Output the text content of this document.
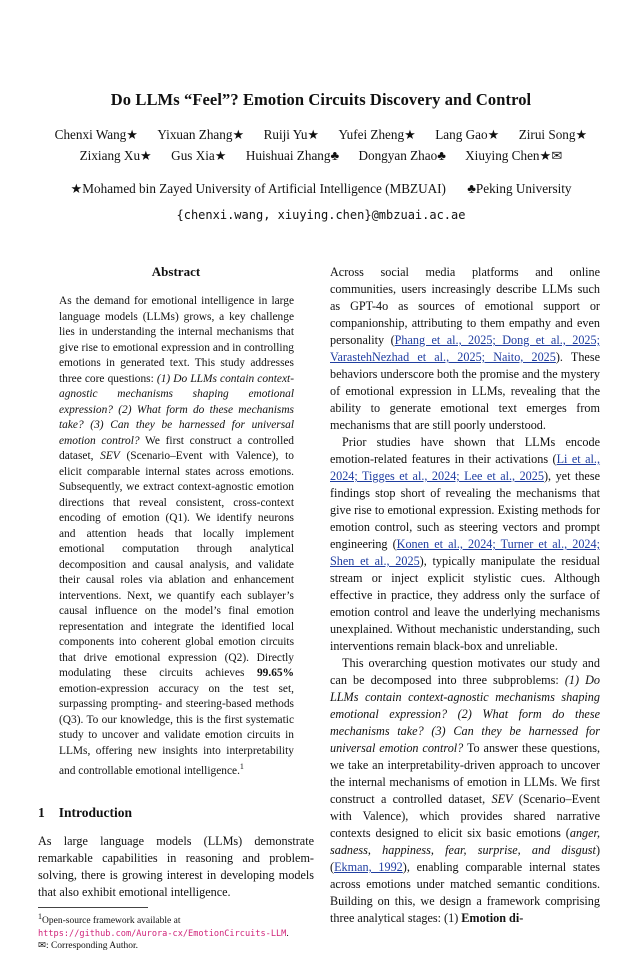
Do LLMs “Feel”? Emotion Circuits Discovery and Control
Chenxi Wang★ Yixuan Zhang★ Ruiji Yu★ Yufei Zheng★ Lang Gao★ Zirui Song★
Zixiang Xu★ Gus Xia★ Huishuai Zhang♣ Dongyan Zhao♣ Xiuying Chen★✉
★Mohamed bin Zayed University of Artificial Intelligence (MBZUAI) ♣Peking University
{chenxi.wang, xiuying.chen}@mbzuai.ac.ae
Abstract

As the demand for emotional intelligence in large language models (LLMs) grows, a key challenge lies in understanding the internal mechanisms that give rise to emotional expression and in controlling emotions in generated text. This study addresses three core questions: (1) Do LLMs contain context-agnostic mechanisms shaping emotional expression? (2) What form do these mechanisms take? (3) Can they be harnessed for universal emotion control? We first construct a controlled dataset, SEV (Scenario–Event with Valence), to elicit comparable internal states across emotions. Subsequently, we extract context-agnostic emotion directions that reveal consistent, cross-context encoding of emotion (Q1). We identify neurons and attention heads that locally implement emotional computation through analytical decomposition and causal analysis, and validate their causal roles via ablation and enhancement interventions. Next, we quantify each sublayer’s causal influence on the model’s final emotion representation and integrate the identified local components into coherent global emotion circuits that drive emotional expression (Q2). Directly modulating these circuits achieves 99.65% emotion-expression accuracy on the test set, surpassing prompting- and steering-based methods (Q3). To our knowledge, this is the first systematic study to uncover and validate emotion circuits in LLMs, offering new insights into interpretability and controllable emotional intelligence.$^1$

1 Introduction

As large language models (LLMs) demonstrate remarkable capabilities in reasoning and problem-solving, there is growing interest in developing models that also exhibit emotional intelligence.

$^1$Open-source framework available at https://github.com/Aurora-cx/EmotionCircuits-LLM.
✉: Corresponding Author.

Across social media platforms and online communities, users increasingly describe LLMs such as GPT-4o as sources of emotional support or companionship, attributing to them empathy and even personality (Phang et al., 2025; Dong et al., 2025; VarastehNezhad et al., 2025; Naito, 2025). These behaviors underscore both the promise and the mystery of emotional expression in LLMs, revealing that the ability to generate emotional text emerges from mechanisms that are still poorly understood.

Prior studies have shown that LLMs encode emotion-related features in their activations (Li et al., 2024; Tigges et al., 2024; Lee et al., 2025), yet these findings stop short of revealing the mechanisms that give rise to emotional expression. Existing methods for emotion control, such as steering vectors and prompt engineering (Konen et al., 2024; Turner et al., 2024; Shen et al., 2025), typically manipulate the residual stream or inject explicit stylistic cues. Although effective in practice, they address only the surface of emotion control and leave the underlying mechanisms unexplained. Without mechanistic understanding, such interventions remain black-box and unreliable.

This overarching question motivates our study and can be decomposed into three subproblems: (1) Do LLMs contain context-agnostic mechanisms shaping emotional expression? (2) What form do these mechanisms take? (3) Can they be harnessed for universal emotion control? To answer these questions, we take an interpretability-driven approach to uncover the internal mechanisms of emotion in LLMs. We first construct a controlled dataset, SEV (Scenario–Event with Valence), which provides shared narrative contexts designed to elicit six basic emotions (anger, sadness, happiness, fear, surprise, and disgust) (Ekman, 1992), enabling comparable internal states across emotions under matched semantic conditions. Building on this, we design a framework comprising three analytical stages: (1) Emotion di-
